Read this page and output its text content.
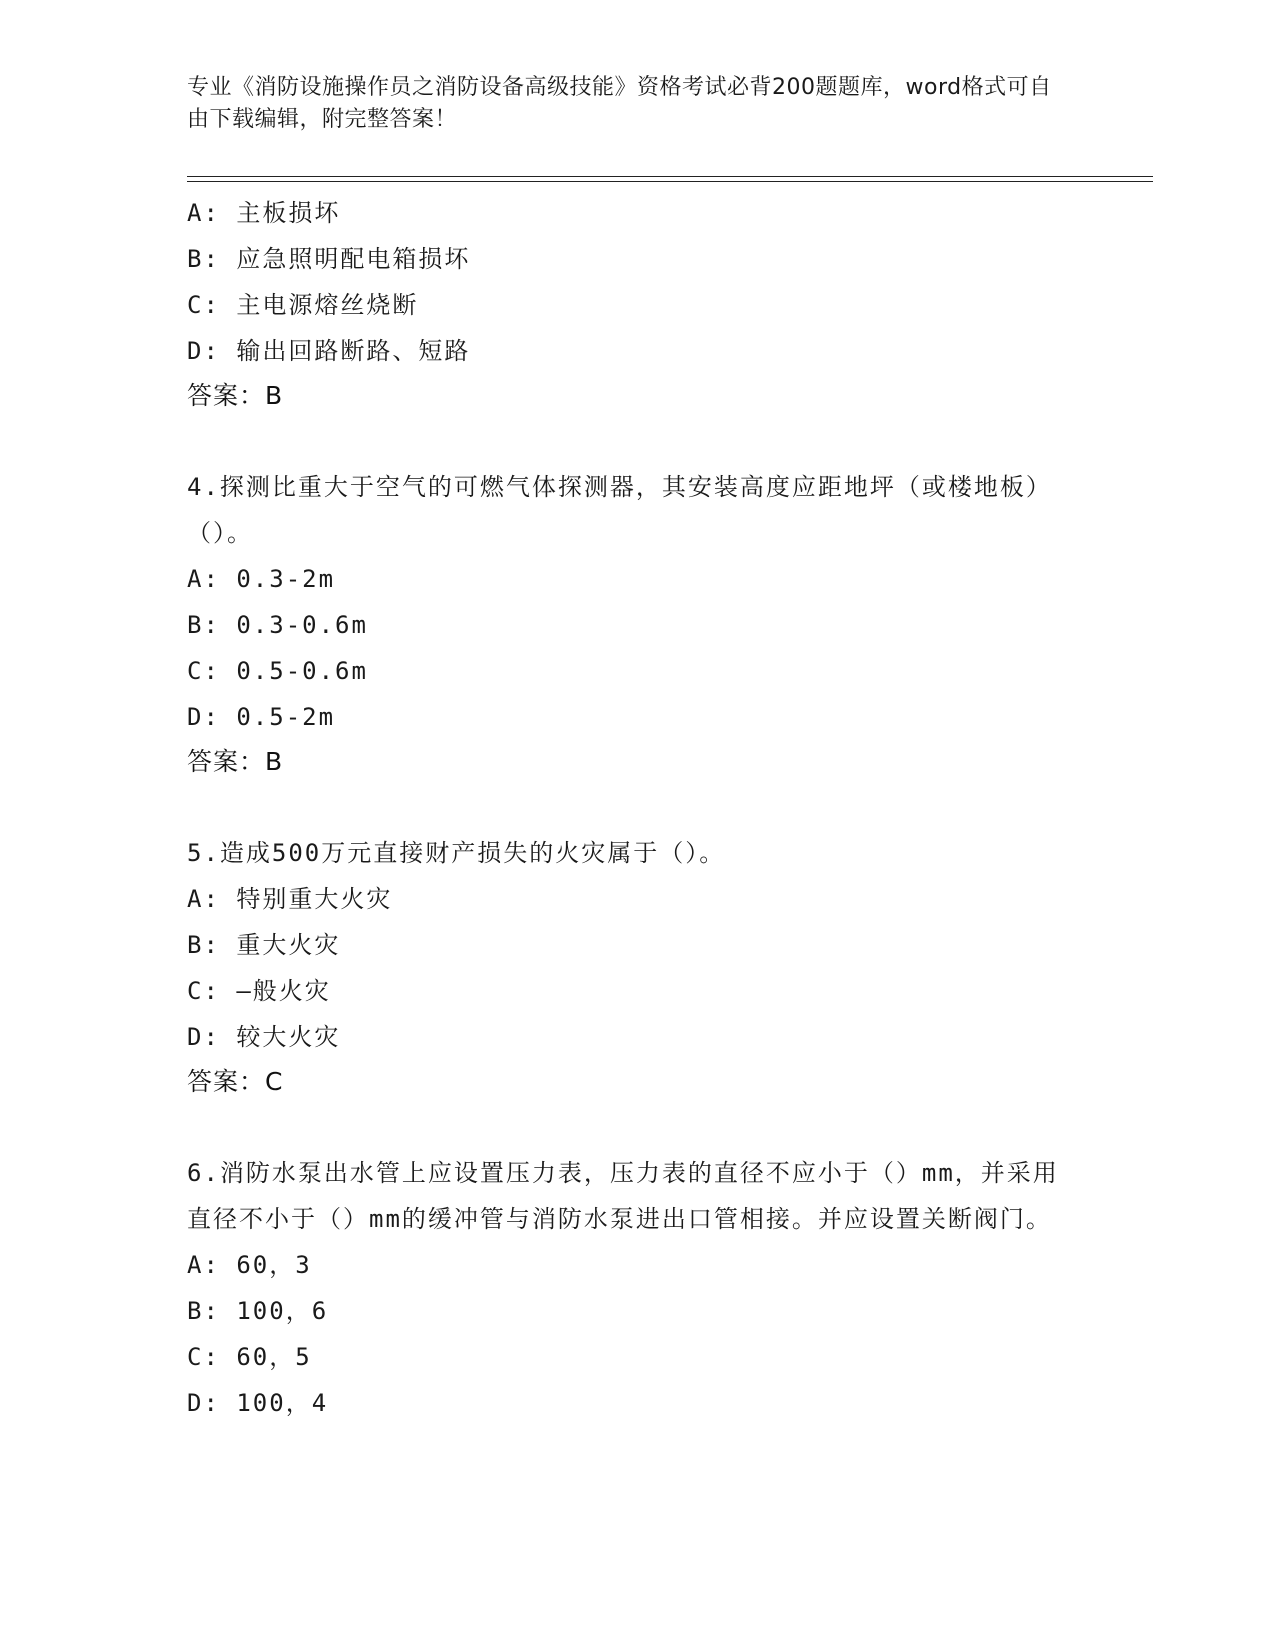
专业《消防设施操作员之消防设备高级技能》资格考试必背200题题库，word格式可自由下载编辑，附完整答案！
A: 主板损坏
B: 应急照明配电箱损坏
C: 主电源熔丝烧断
D: 输出回路断路、短路
答案：B
4.探测比重大于空气的可燃气体探测器，其安装高度应距地坪（或楼地板）（）。
A: 0.3-2m
B: 0.3-0.6m
C: 0.5-0.6m
D: 0.5-2m
答案：B
5.造成500万元直接财产损失的火灾属于（）。
A: 特别重大火灾
B: 重大火灾
C: —般火灾
D: 较大火灾
答案：C
6.消防水泵出水管上应设置压力表，压力表的直径不应小于（）mm，并采用直径不小于（）mm的缓冲管与消防水泵进出口管相接。并应设置关断阀门。
A: 60，3
B: 100，6
C: 60，5
D: 100，4
